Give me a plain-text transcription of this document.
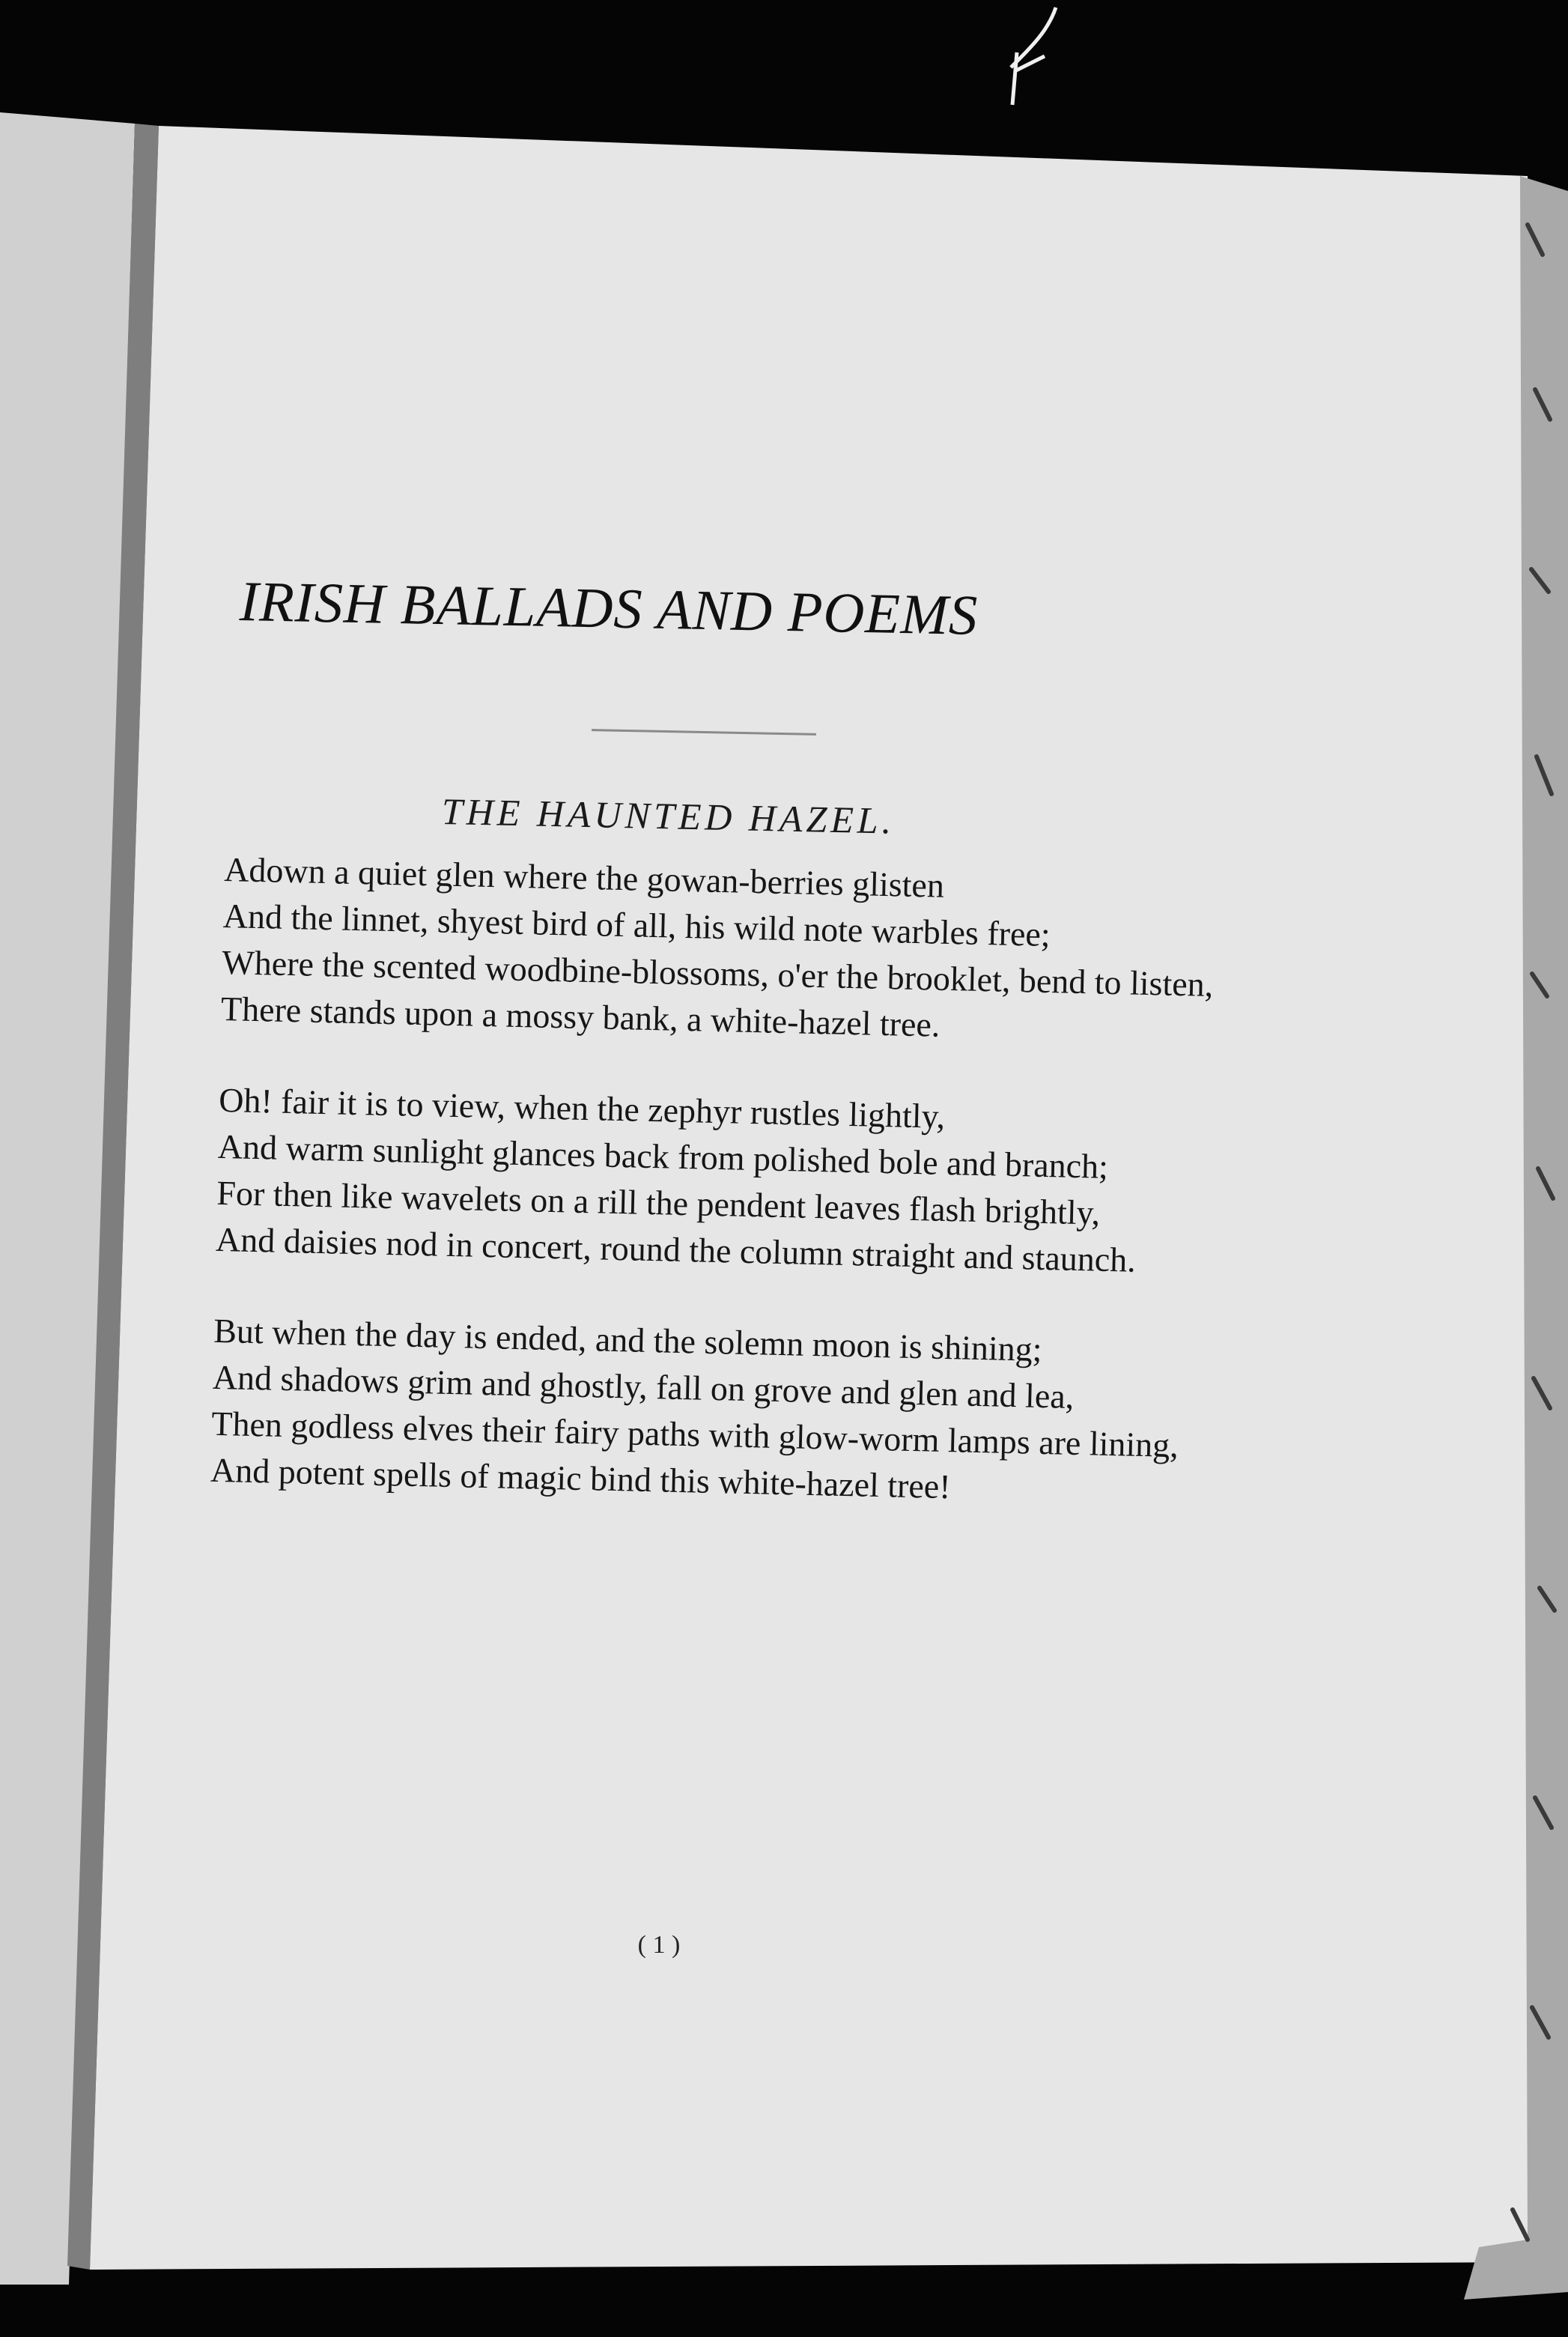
IRISH BALLADS AND POEMS
THE HAUNTED HAZEL.
Adown a quiet glen where the gowan-berries glisten
And the linnet, shyest bird of all, his wild note warbles free;
Where the scented woodbine-blossoms, o'er the brooklet, bend to listen,
There stands upon a mossy bank, a white-hazel tree.
Oh! fair it is to view, when the zephyr rustles lightly,
And warm sunlight glances back from polished bole and branch;
For then like wavelets on a rill the pendent leaves flash brightly,
And daisies nod in concert, round the column straight and staunch.
But when the day is ended, and the solemn moon is shining;
And shadows grim and ghostly, fall on grove and glen and lea,
Then godless elves their fairy paths with glow-worm lamps are lining,
And potent spells of magic bind this white-hazel tree!
( 1 )
